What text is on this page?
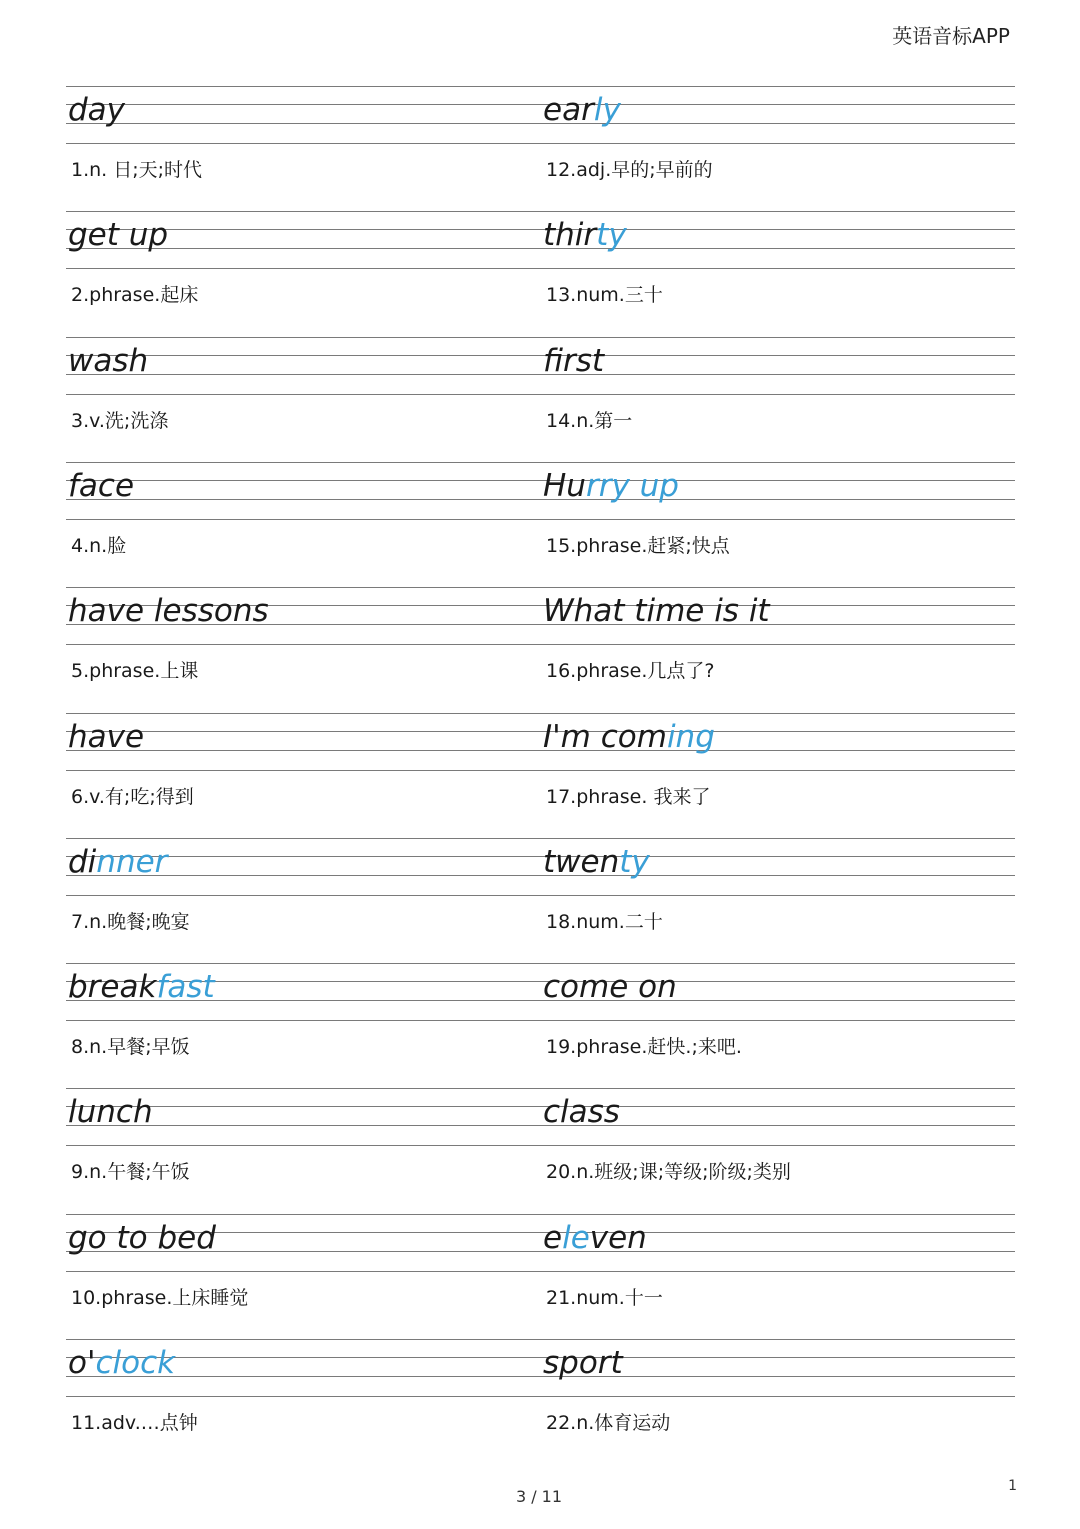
英语音标APP
day
1.n. 日;天;时代
early
12.adj.早的;早前的
get up
2.phrase.起床
thirty
13.num.三十
wash
3.v.洗;洗涤
first
14.n.第一
face
4.n.脸
Hurry up
15.phrase.赶紧;快点
have lessons
5.phrase.上课
What time is it
16.phrase.几点了?
have
6.v.有;吃;得到
I'm coming
17.phrase. 我来了
dinner
7.n.晚餐;晚宴
twenty
18.num.二十
breakfast
8.n.早餐;早饭
come on
19.phrase.赶快.;来吧.
lunch
9.n.午餐;午饭
class
20.n.班级;课;等级;阶级;类别
go to bed
10.phrase.上床睡觉
eleven
21.num.十一
o'clock
11.adv.…点钟
sport
22.n.体育运动
3 / 11
1
